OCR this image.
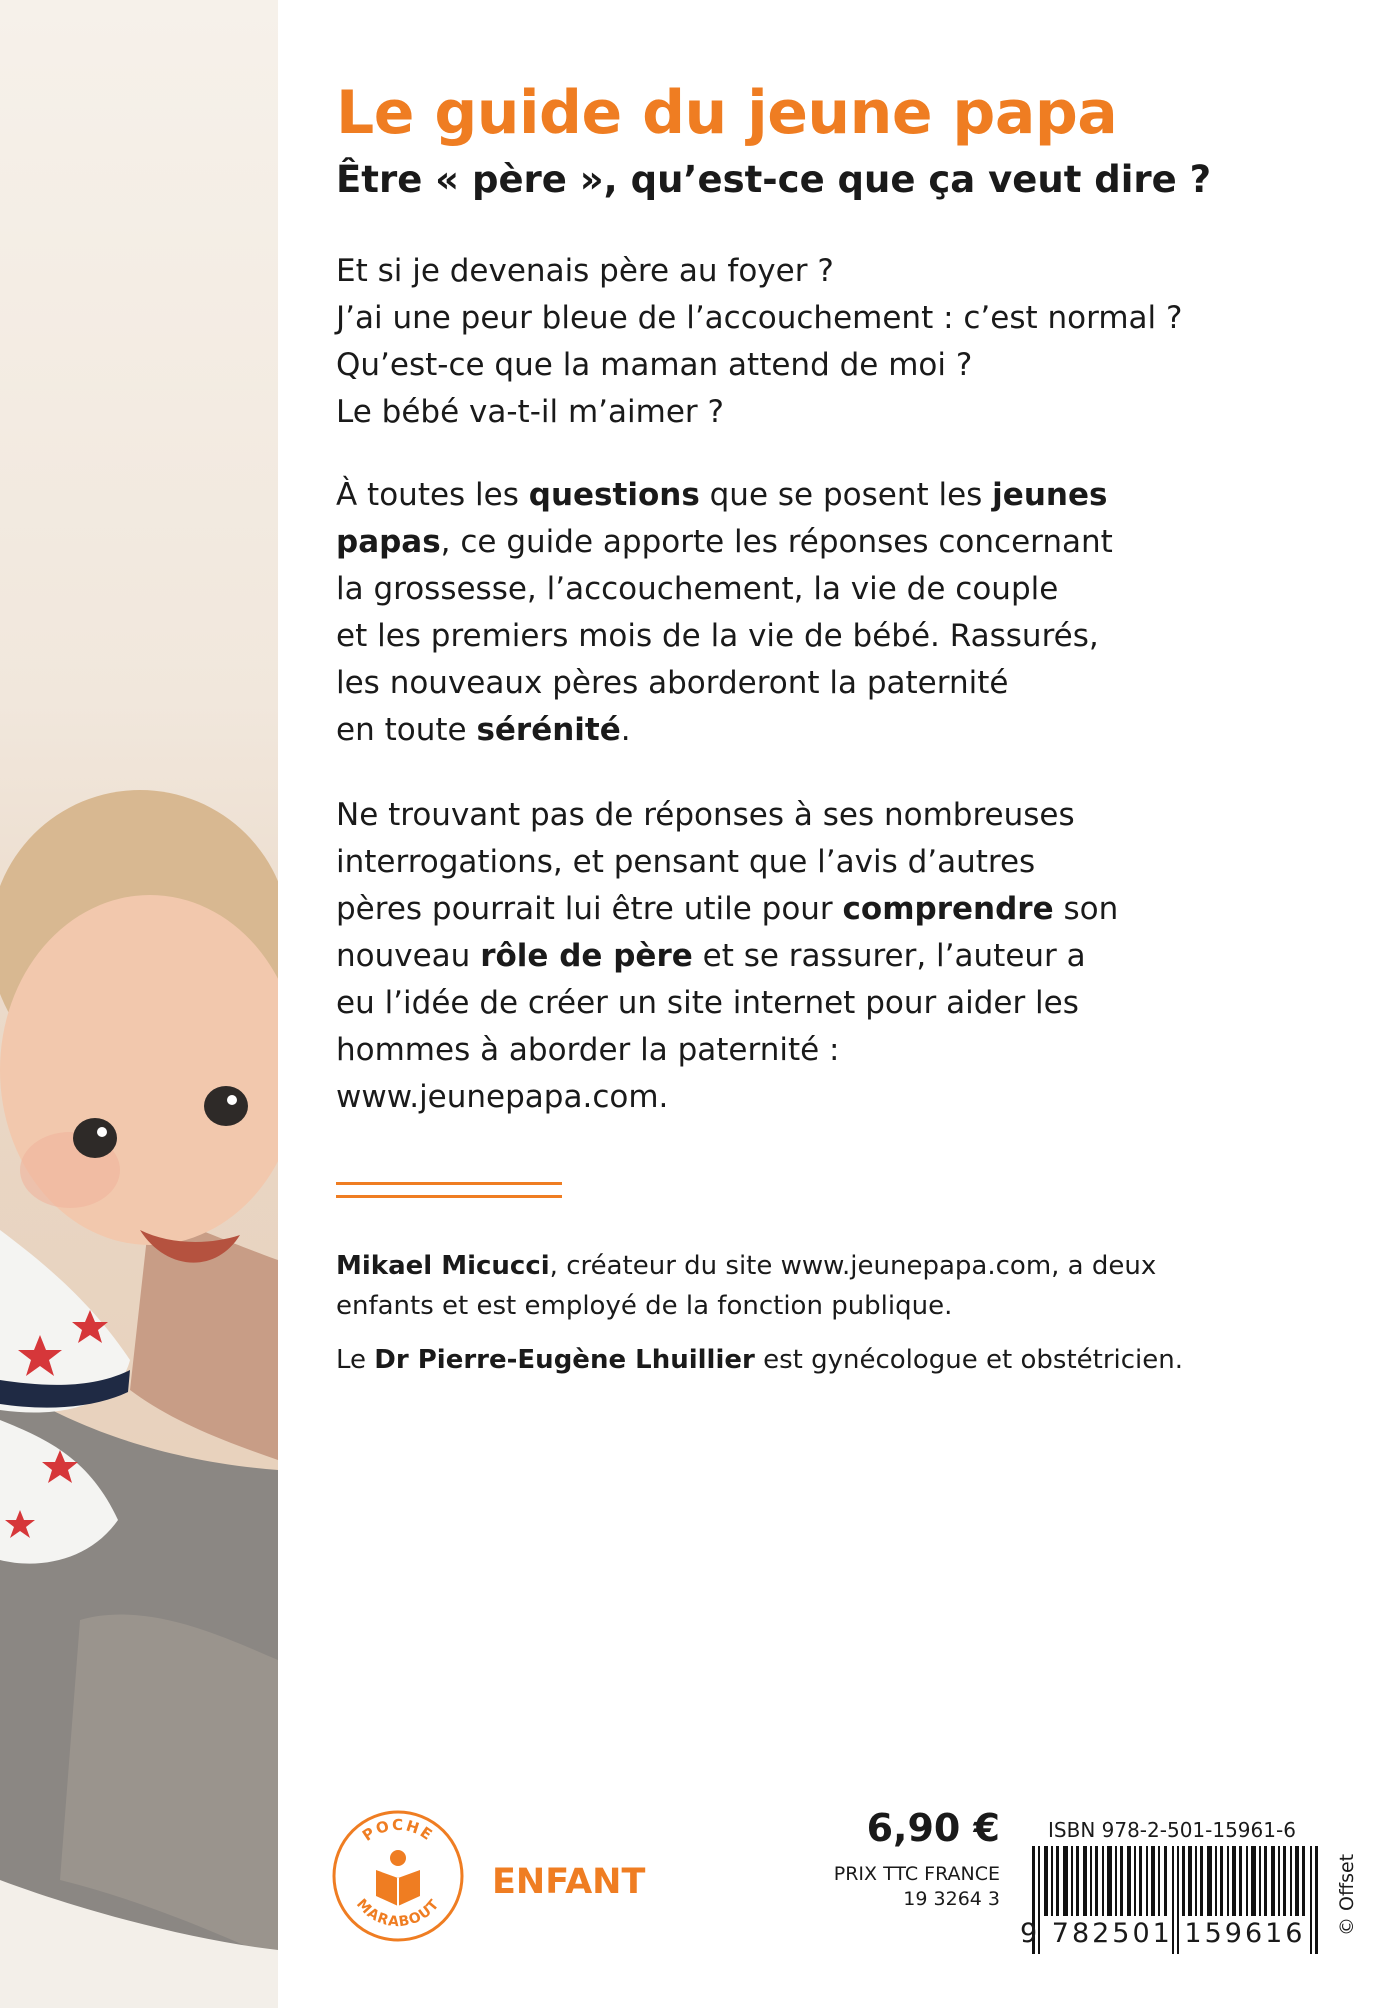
Le guide du jeune papa
Être « père », qu’est-ce que ça veut dire ?
Et si je devenais père au foyer ?
J’ai une peur bleue de l’accouchement : c’est normal ?
Qu’est-ce que la maman attend de moi ?
Le bébé va-t-il m’aimer ?

À toutes les questions que se posent les jeunes
papas, ce guide apporte les réponses concernant
la grossesse, l’accouchement, la vie de couple
et les premiers mois de la vie de bébé. Rassurés,
les nouveaux pères aborderont la paternité
en toute sérénité.

Ne trouvant pas de réponses à ses nombreuses
interrogations, et pensant que l’avis d’autres
pères pourrait lui être utile pour comprendre son
nouveau rôle de père et se rassurer, l’auteur a
eu l’idée de créer un site internet pour aider les
hommes à aborder la paternité :
www.jeunepapa.com.

Mikael Micucci, créateur du site www.jeunepapa.com, a deux
enfants et est employé de la fonction publique.

Le Dr Pierre-Eugène Lhuillier est gynécologue et obstétricien.

POCHE
MARABOUT

ENFANT

6,90 €

PRIX TTC FRANCE
19 3264 3

ISBN 978-2-501-15961-6

9 782501 159616	© Offset
